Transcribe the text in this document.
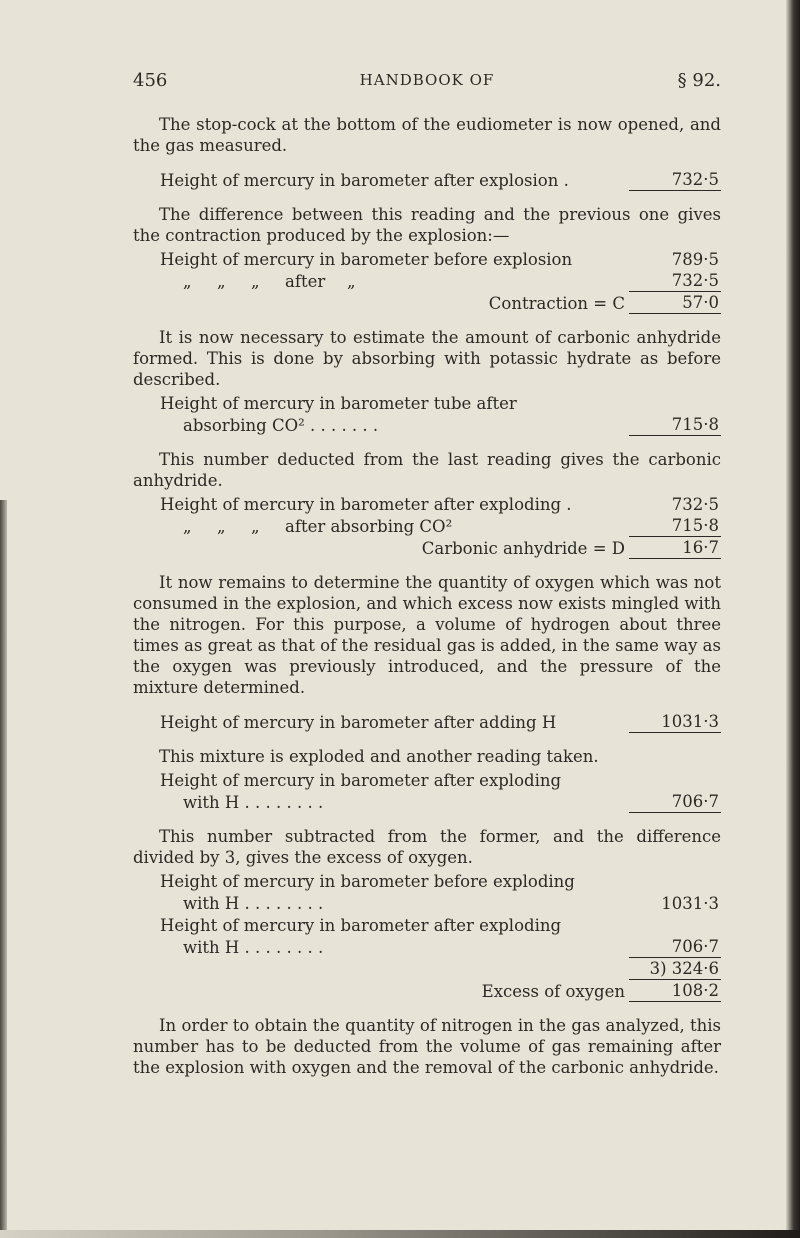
456	HANDBOOK OF	§ 92.

The stop-cock at the bottom of the eudiometer is now opened, and the gas measured.

Height of mercury in barometer after explosion .	732·5

The difference between this reading and the previous one gives the contraction produced by the explosion:—

Height of mercury in barometer before explosion	789·5
„ „ „ after „	732·5
Contraction = C	57·0

It is now necessary to estimate the amount of carbonic anhydride formed. This is done by absorbing with potassic hydrate as before described.

Height of mercury in barometer tube after
absorbing CO² . . . . . . .	715·8

This number deducted from the last reading gives the carbonic anhydride.

Height of mercury in barometer after exploding .	732·5
„ „ „ after absorbing CO²	715·8
Carbonic anhydride = D	16·7

It now remains to determine the quantity of oxygen which was not consumed in the explosion, and which excess now exists mingled with the nitrogen. For this purpose, a volume of hydrogen about three times as great as that of the residual gas is added, in the same way as the oxygen was previously introduced, and the pressure of the mixture determined.

Height of mercury in barometer after adding H	1031·3

This mixture is exploded and another reading taken.

Height of mercury in barometer after exploding
with H . . . . . . . .	706·7

This number subtracted from the former, and the difference divided by 3, gives the excess of oxygen.

Height of mercury in barometer before exploding
with H . . . . . . . .	1031·3
Height of mercury in barometer after exploding
with H . . . . . . . .	706·7
3) 324·6
Excess of oxygen	108·2

In order to obtain the quantity of nitrogen in the gas analyzed, this number has to be deducted from the volume of gas remaining after the explosion with oxygen and the removal of the carbonic anhydride.
